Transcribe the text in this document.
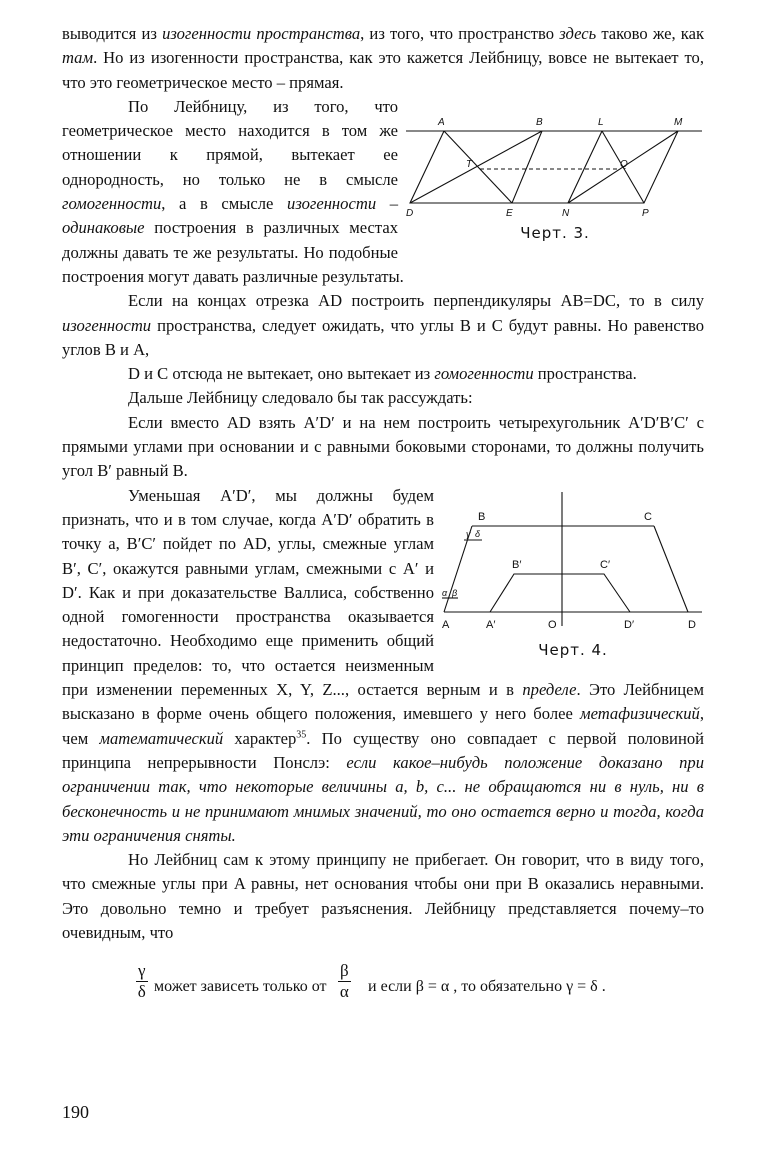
выводится из изогенности пространства, из того, что пространство здесь таково же, как там. Но из изогенности пространства, как это кажется Лейбницу, вовсе не вытекает то, что это геометрическое место – прямая.

A	B	L	M
T	Q
D	E	N	P
Черт. 3.

По Лейбницу, из того, что геометрическое место находится в том же отношении к прямой, вытекает ее однородность, но только не в смысле гомогенности, а в смысле изогенности – одинаковые построения в различных местах должны давать те же результаты. Но подобные построения могут давать различные результаты.

Если на концах отрезка AD построить перпендикуляры AB=DC, то в силу изогенности пространства, следует ожидать, что углы B и C будут равны. Но равенство углов B и A,

D и C отсюда не вытекает, оно вытекает из гомогенности пространства.

Дальше Лейбницу следовало бы так рассуждать:

Если вместо AD взять A′D′ и на нем построить четырехугольник A′D′B′C′ с прямыми углами при основании и с равными боковыми сторонами, то должны получить угол B′ равный B.

B	C
B′	C′
A	A′	O	D′	D
γ δ
α β
Черт. 4.

Уменьшая A′D′, мы должны будем признать, что и в том случае, когда A′D′ обратить в точку a, B′C′ пойдет по AD, углы, смежные углам B′, C′, окажутся равными углам, смежными с A′ и D′. Как и при доказательстве Валлиса, собственно одной гомогенности пространства оказывается недостаточно. Необходимо еще применить общий принцип пределов: то, что остается неизменным при изменении переменных X, Y, Z..., остается верным и в пределе. Это Лейбницем высказано в форме очень общего положения, имевшего у него более метафизический, чем математический характер$^{35}$. По существу оно совпадает с первой половиной принципа непрерывности Понслэ: если какое–нибудь положение доказано при ограничении так, что некоторые величины a, b, c... не обращаются ни в нуль, ни в бесконечность и не принимают мнимых значений, то оно остается верно и тогда, когда эти ограничения сняты.

Но Лейбниц сам к этому принципу не прибегает. Он говорит, что в виду того, что смежные углы при A равны, нет основания чтобы они при B оказались неравными. Это довольно темно и требует разъяснения. Лейбницу представляется почему–то очевидным, что

$\frac{\gamma}{\delta}$ может зависеть только от $\frac{\beta}{\alpha}$ и если β = α , то обязательно γ = δ .
190
